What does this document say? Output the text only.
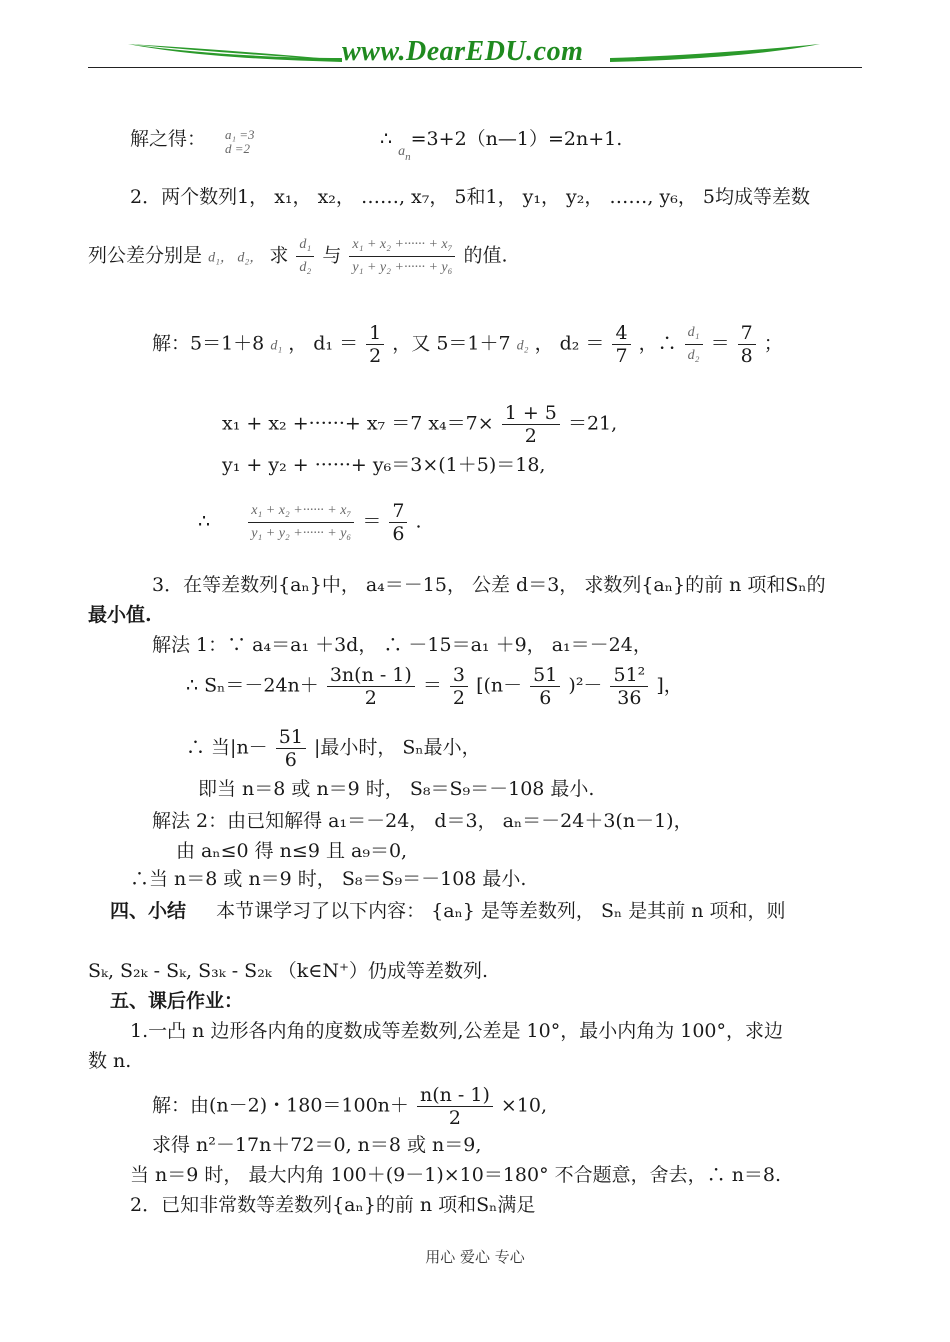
www.DearEDU.com
解之得： a₁ =3
d =2	∴ $_{a_n}$=3+2（n—1）=2n+1.
2．两个数列1， x₁， x₂， ……, x₇， 5和1， y₁， y₂， ……, y₆， 5均成等差数
列公差分别是 d₁， d₂， 求 $\frac{\text{d₁}}{\text{d₂}}$ 与 $\frac{\text{x₁ + x₂ +······ + x₇}}{\text{y₁ + y₂ +······ + y₆}}$ 的值.
解：5＝1＋8 d₁ ， $d_1 = \frac{1}{2}$ ，又 5＝1＋7 d₂ ， $d_2 = \frac{4}{7}$ ，∴ $\frac{\text{d₁}}{\text{d₂}} = \frac{7}{8}$ ；
x₁ + x₂ +······+ x₇ ＝7 $x_4=7\times \frac{1 + 5}{2} =21$,
y₁ + y₂ + ······+ y₆＝3×(1＋5)＝18,
∴	$\frac{\text{x₁ + x₂ +······ + x₇}}{\text{y₁ + y₂ +······ + y₆}} = \frac{7}{6}$ .
3．在等差数列{aₙ}中， a₄＝－15， 公差 d＝3， 求数列{aₙ}的前 n 项和Sₙ的
最小值.
解法 1：∵ a₄＝a₁ ＋3d， ∴ －15＝a₁ ＋9， a₁＝－24，
∴ $S_n=-24n+ \frac{3n(n - 1)}{2} = \frac{3}{2} [(n- \frac{51}{6} )^2- \frac{\text{51²}}{36}$ ]，
∴ 当$|n- \frac{51}{6}$ |最小时， Sₙ最小，
即当 n＝8 或 n＝9 时， S₈＝S₉＝－108 最小.
解法 2：由已知解得 a₁＝－24， d＝3， aₙ＝－24＋3(n－1)，
由 aₙ≤0 得 n≤9 且 a₉＝0,
∴当 n＝8 或 n＝9 时， S₈＝S₉＝－108 最小.
四、小结 本节课学习了以下内容： {aₙ} 是等差数列， Sₙ 是其前 n 项和，则
Sₖ, S₂ₖ - Sₖ, S₃ₖ - S₂ₖ （k∈N⁺）仍成等差数列.
五、课后作业：
1.一凸 n 边形各内角的度数成等差数列,公差是 10°，最小内角为 100°，求边
数 n.
解：由(n－2)・$180=100n+ \frac{n(n - 1)}{2} \times 10$,
求得 n²－17n＋72＝0, n＝8 或 n＝9,
当 n＝9 时， 最大内角 100＋(9－1)×10＝180° 不合题意，舍去，∴ n＝8.
2．已知非常数等差数列{aₙ}的前 n 项和Sₙ满足
用心 爱心 专心
